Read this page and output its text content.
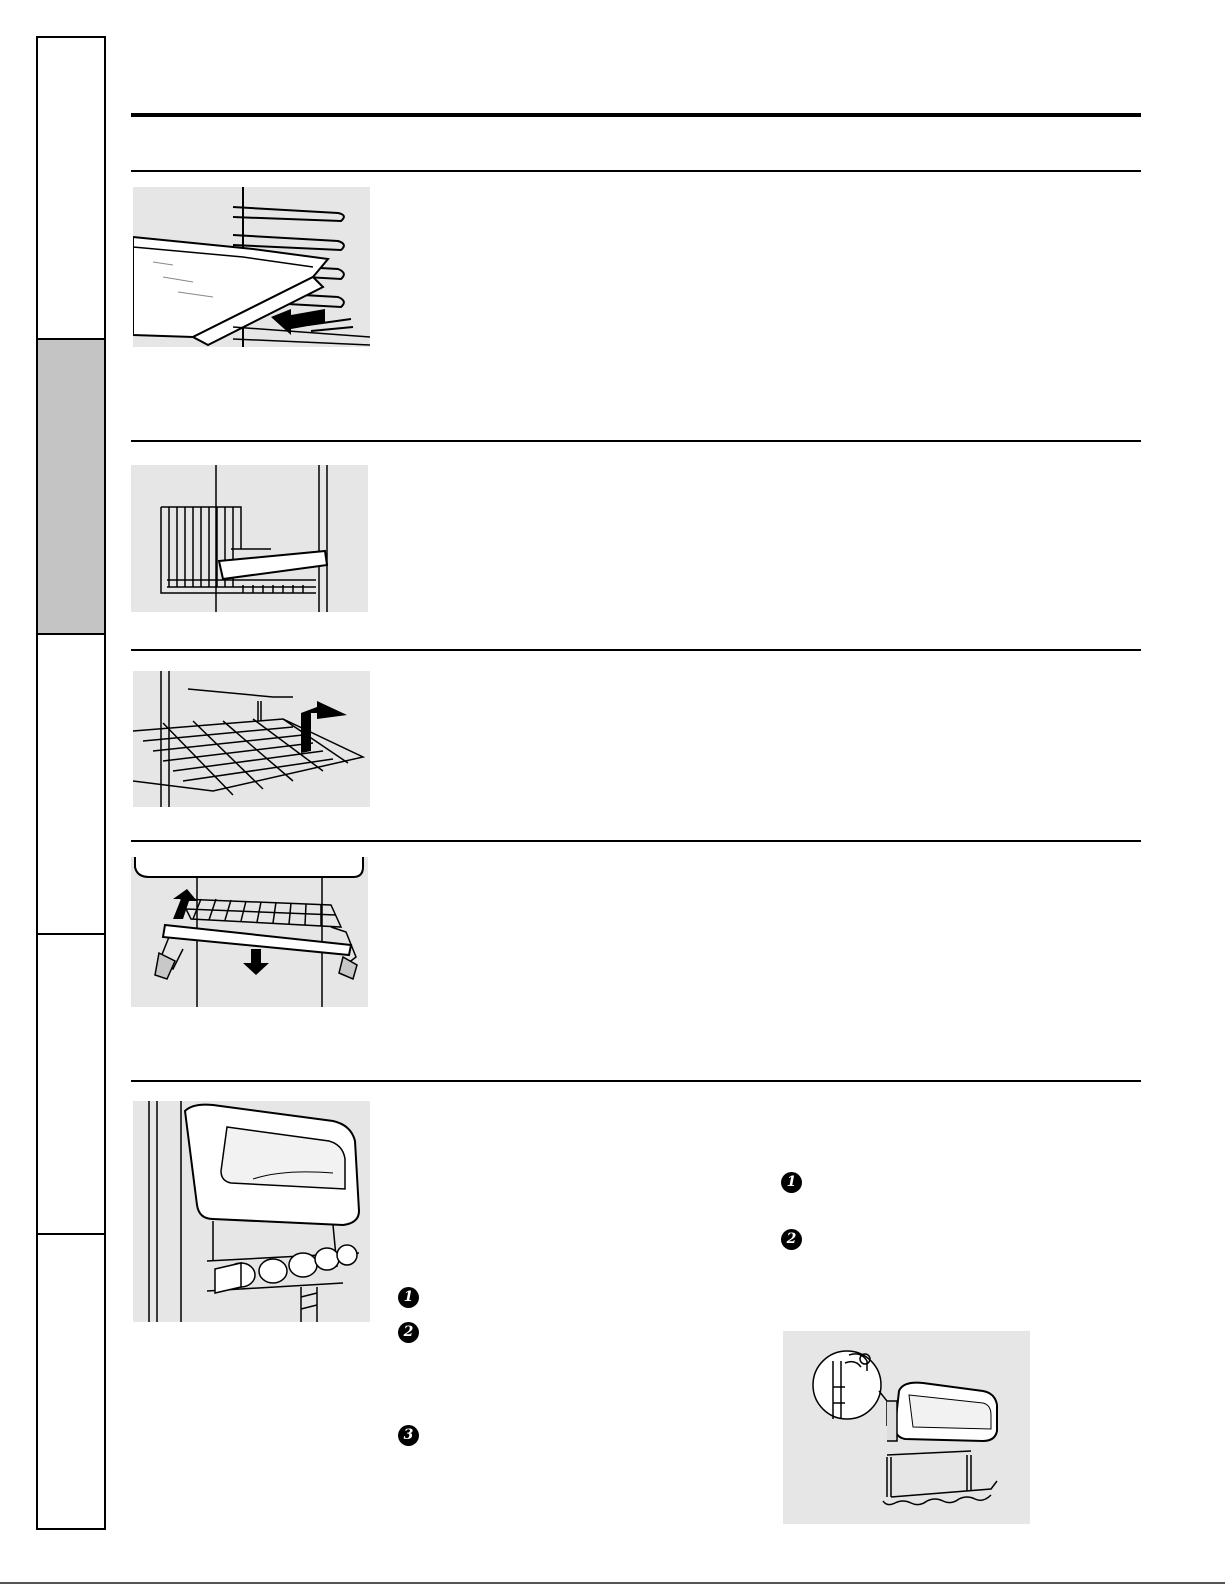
1
2
1
2
3
